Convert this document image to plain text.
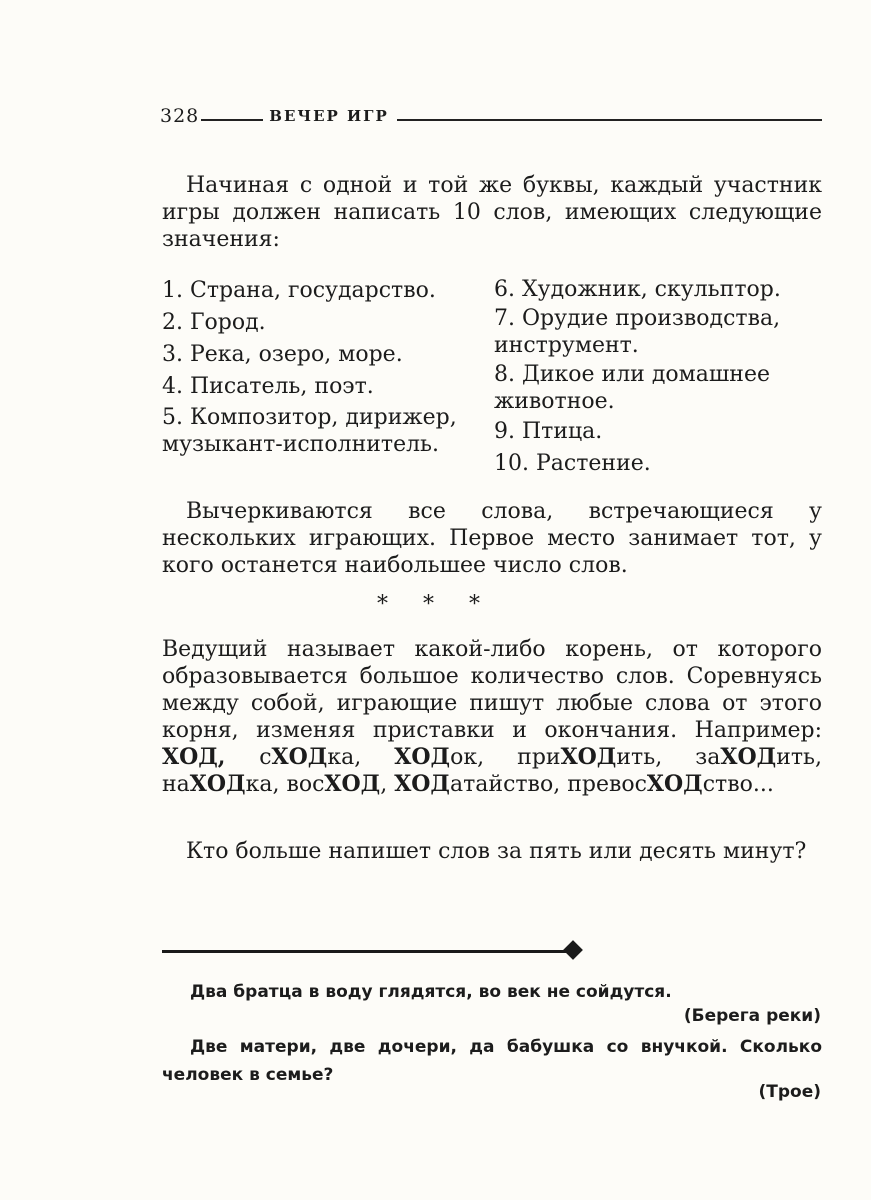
328	ВЕЧЕР ИГР

Начиная с одной и той же буквы, каждый участник игры должен написать 10 слов, имеющих следующие значения:

1. Страна, государство.
2. Город.
3. Река, озеро, море.
4. Писатель, поэт.
5. Композитор, дирижер, музыкант-исполнитель.
6. Художник, скульптор.
7. Орудие производства, инструмент.
8. Дикое или домашнее животное.
9. Птица.
10. Растение.

Вычеркиваются все слова, встречающиеся у нескольких играющих. Первое место занимает тот, у кого останется наибольшее число слов.

* * *

Ведущий называет какой-либо корень, от которого образовывается большое количество слов. Соревнуясь между собой, играющие пишут любые слова от этого корня, изменяя приставки и окончания. Например: ХОД, сХОДка, ХОДок, приХОДить, заХОДить, наХОДка, восХОД, ХОДатайство, превосХОДство...

Кто больше напишет слов за пять или десять минут?

Два братца в воду глядятся, во век не сойдутся.

(Берега реки)

Две матери, две дочери, да бабушка со внучкой. Сколько человек в семье?

(Трое)
